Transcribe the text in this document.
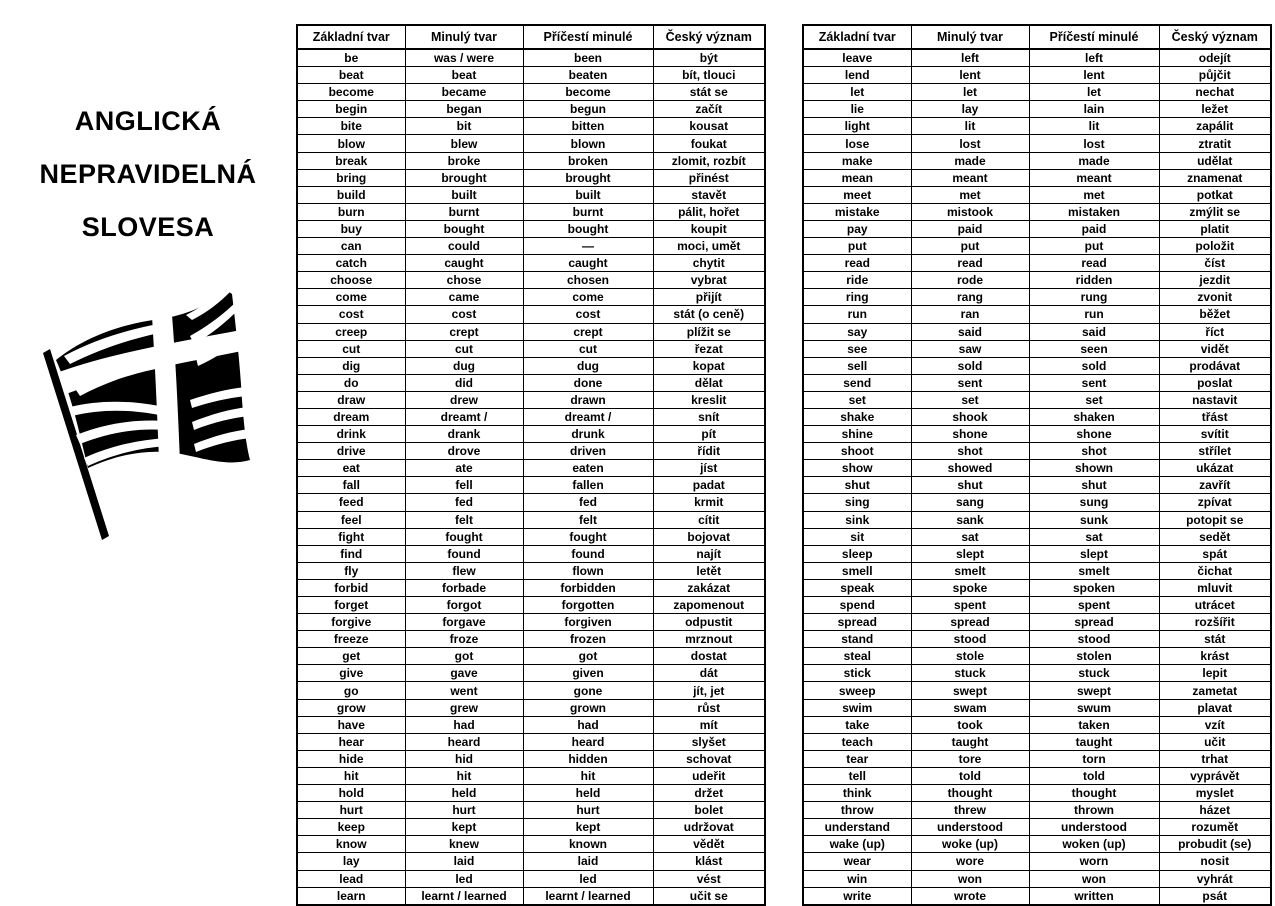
ANGLICKÁ
NEPRAVIDELNÁ
SLOVESA
Základní tvar	Minulý tvar	Příčestí minulé	Český význam
be	was / were	been	být
beat	beat	beaten	bít, tlouci
become	became	become	stát se
begin	began	begun	začít
bite	bit	bitten	kousat
blow	blew	blown	foukat
break	broke	broken	zlomit, rozbít
bring	brought	brought	přinést
build	built	built	stavět
burn	burnt	burnt	pálit, hořet
buy	bought	bought	koupit
can	could	—	moci, umět
catch	caught	caught	chytit
choose	chose	chosen	vybrat
come	came	come	přijít
cost	cost	cost	stát (o ceně)
creep	crept	crept	plížit se
cut	cut	cut	řezat
dig	dug	dug	kopat
do	did	done	dělat
draw	drew	drawn	kreslit
dream	dreamt /	dreamt /	snít
drink	drank	drunk	pít
drive	drove	driven	řídit
eat	ate	eaten	jíst
fall	fell	fallen	padat
feed	fed	fed	krmit
feel	felt	felt	cítit
fight	fought	fought	bojovat
find	found	found	najít
fly	flew	flown	letět
forbid	forbade	forbidden	zakázat
forget	forgot	forgotten	zapomenout
forgive	forgave	forgiven	odpustit
freeze	froze	frozen	mrznout
get	got	got	dostat
give	gave	given	dát
go	went	gone	jít, jet
grow	grew	grown	růst
have	had	had	mít
hear	heard	heard	slyšet
hide	hid	hidden	schovat
hit	hit	hit	udeřit
hold	held	held	držet
hurt	hurt	hurt	bolet
keep	kept	kept	udržovat
know	knew	known	vědět
lay	laid	laid	klást
lead	led	led	vést
learn	learnt / learned	learnt / learned	učit se
Základní tvar	Minulý tvar	Příčestí minulé	Český význam
leave	left	left	odejít
lend	lent	lent	půjčit
let	let	let	nechat
lie	lay	lain	ležet
light	lit	lit	zapálit
lose	lost	lost	ztratit
make	made	made	udělat
mean	meant	meant	znamenat
meet	met	met	potkat
mistake	mistook	mistaken	zmýlit se
pay	paid	paid	platit
put	put	put	položit
read	read	read	číst
ride	rode	ridden	jezdit
ring	rang	rung	zvonit
run	ran	run	běžet
say	said	said	říct
see	saw	seen	vidět
sell	sold	sold	prodávat
send	sent	sent	poslat
set	set	set	nastavit
shake	shook	shaken	třást
shine	shone	shone	svítit
shoot	shot	shot	střílet
show	showed	shown	ukázat
shut	shut	shut	zavřít
sing	sang	sung	zpívat
sink	sank	sunk	potopit se
sit	sat	sat	sedět
sleep	slept	slept	spát
smell	smelt	smelt	čichat
speak	spoke	spoken	mluvit
spend	spent	spent	utrácet
spread	spread	spread	rozšířit
stand	stood	stood	stát
steal	stole	stolen	krást
stick	stuck	stuck	lepit
sweep	swept	swept	zametat
swim	swam	swum	plavat
take	took	taken	vzít
teach	taught	taught	učit
tear	tore	torn	trhat
tell	told	told	vyprávět
think	thought	thought	myslet
throw	threw	thrown	házet
understand	understood	understood	rozumět
wake (up)	woke (up)	woken (up)	probudit (se)
wear	wore	worn	nosit
win	won	won	vyhrát
write	wrote	written	psát
